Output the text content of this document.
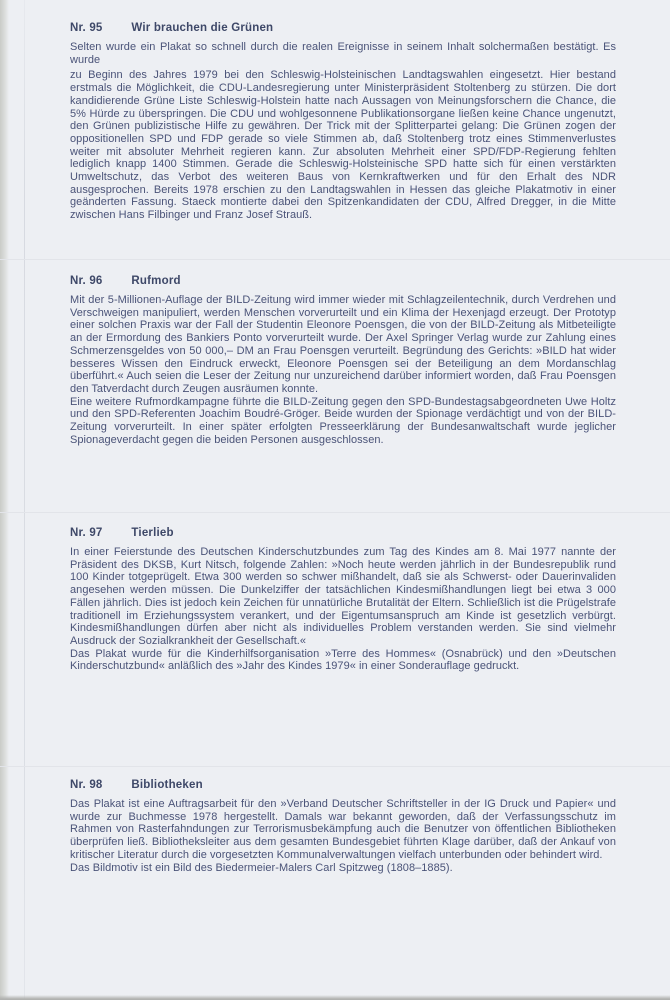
Nr. 95	Wir brauchen die Grünen

Selten wurde ein Plakat so schnell durch die realen Ereignisse in seinem Inhalt solchermaßen bestätigt. Es wurde

zu Beginn des Jahres 1979 bei den Schleswig-Holsteinischen Landtagswahlen eingesetzt. Hier bestand erstmals die Möglichkeit, die CDU-Landesregierung unter Ministerpräsident Stoltenberg zu stürzen. Die dort kandidierende Grüne Liste Schleswig-Holstein hatte nach Aussagen von Meinungsforschern die Chance, die 5% Hürde zu überspringen. Die CDU und wohlgesonnene Publikationsorgane ließen keine Chance ungenutzt, den Grünen publizistische Hilfe zu gewähren. Der Trick mit der Splitterpartei gelang: Die Grünen zogen der oppositionellen SPD und FDP gerade so viele Stimmen ab, daß Stoltenberg trotz eines Stimmenverlustes weiter mit absoluter Mehrheit regieren kann. Zur absoluten Mehrheit einer SPD/FDP-Regierung fehlten lediglich knapp 1400 Stimmen. Gerade die Schleswig-Holsteinische SPD hatte sich für einen verstärkten Umweltschutz, das Verbot des weiteren Baus von Kernkraftwerken und für den Erhalt des NDR ausgesprochen. Bereits 1978 erschien zu den Landtagswahlen in Hessen das gleiche Plakatmotiv in einer geänderten Fassung. Staeck montierte dabei den Spitzenkandidaten der CDU, Alfred Dregger, in die Mitte zwischen Hans Filbinger und Franz Josef Strauß.

Nr. 96	Rufmord

Mit der 5-Millionen-Auflage der BILD-Zeitung wird immer wieder mit Schlagzeilentechnik, durch Verdrehen und Verschweigen manipuliert, werden Menschen vorverurteilt und ein Klima der Hexenjagd erzeugt. Der Prototyp einer solchen Praxis war der Fall der Studentin Eleonore Poensgen, die von der BILD-Zeitung als Mitbeteiligte an der Ermordung des Bankiers Ponto vorverurteilt wurde. Der Axel Springer Verlag wurde zur Zahlung eines Schmerzensgeldes von 50 000,– DM an Frau Poensgen verurteilt. Begründung des Gerichts: »BILD hat wider besseres Wissen den Eindruck erweckt, Eleonore Poensgen sei der Beteiligung an dem Mordanschlag überführt.« Auch seien die Leser der Zeitung nur unzureichend darüber informiert worden, daß Frau Poensgen den Tatverdacht durch Zeugen ausräumen konnte.

Eine weitere Rufmordkampagne führte die BILD-Zeitung gegen den SPD-Bundestagsabgeordneten Uwe Holtz und den SPD-Referenten Joachim Boudré-Gröger. Beide wurden der Spionage verdächtigt und von der BILD-Zeitung vorverurteilt. In einer später erfolgten Presseerklärung der Bundesanwaltschaft wurde jeglicher Spionageverdacht gegen die beiden Personen ausgeschlossen.

Nr. 97	Tierlieb

In einer Feierstunde des Deutschen Kinderschutzbundes zum Tag des Kindes am 8. Mai 1977 nannte der Präsident des DKSB, Kurt Nitsch, folgende Zahlen: »Noch heute werden jährlich in der Bundesrepublik rund 100 Kinder totgeprügelt. Etwa 300 werden so schwer mißhandelt, daß sie als Schwerst- oder Dauerinvaliden angesehen werden müssen. Die Dunkelziffer der tatsächlichen Kindesmißhandlungen liegt bei etwa 3 000 Fällen jährlich. Dies ist jedoch kein Zeichen für unnatürliche Brutalität der Eltern. Schließlich ist die Prügelstrafe traditionell im Erziehungssystem verankert, und der Eigentumsanspruch am Kinde ist gesetzlich verbürgt. Kindesmißhandlungen dürfen aber nicht als individuelles Problem verstanden werden. Sie sind vielmehr Ausdruck der Sozialkrankheit der Gesellschaft.«

Das Plakat wurde für die Kinderhilfsorganisation »Terre des Hommes« (Osnabrück) und den »Deutschen Kinderschutzbund« anläßlich des »Jahr des Kindes 1979« in einer Sonderauflage gedruckt.

Nr. 98	Bibliotheken

Das Plakat ist eine Auftragsarbeit für den »Verband Deutscher Schriftsteller in der IG Druck und Papier« und wurde zur Buchmesse 1978 hergestellt. Damals war bekannt geworden, daß der Verfassungsschutz im Rahmen von Rasterfahndungen zur Terrorismusbekämpfung auch die Benutzer von öffentlichen Bibliotheken überprüfen ließ. Bibliotheksleiter aus dem gesamten Bundesgebiet führten Klage darüber, daß der Ankauf von kritischer Literatur durch die vorgesetzten Kommunalverwaltungen vielfach unterbunden oder behindert wird.

Das Bildmotiv ist ein Bild des Biedermeier-Malers Carl Spitzweg (1808–1885).
